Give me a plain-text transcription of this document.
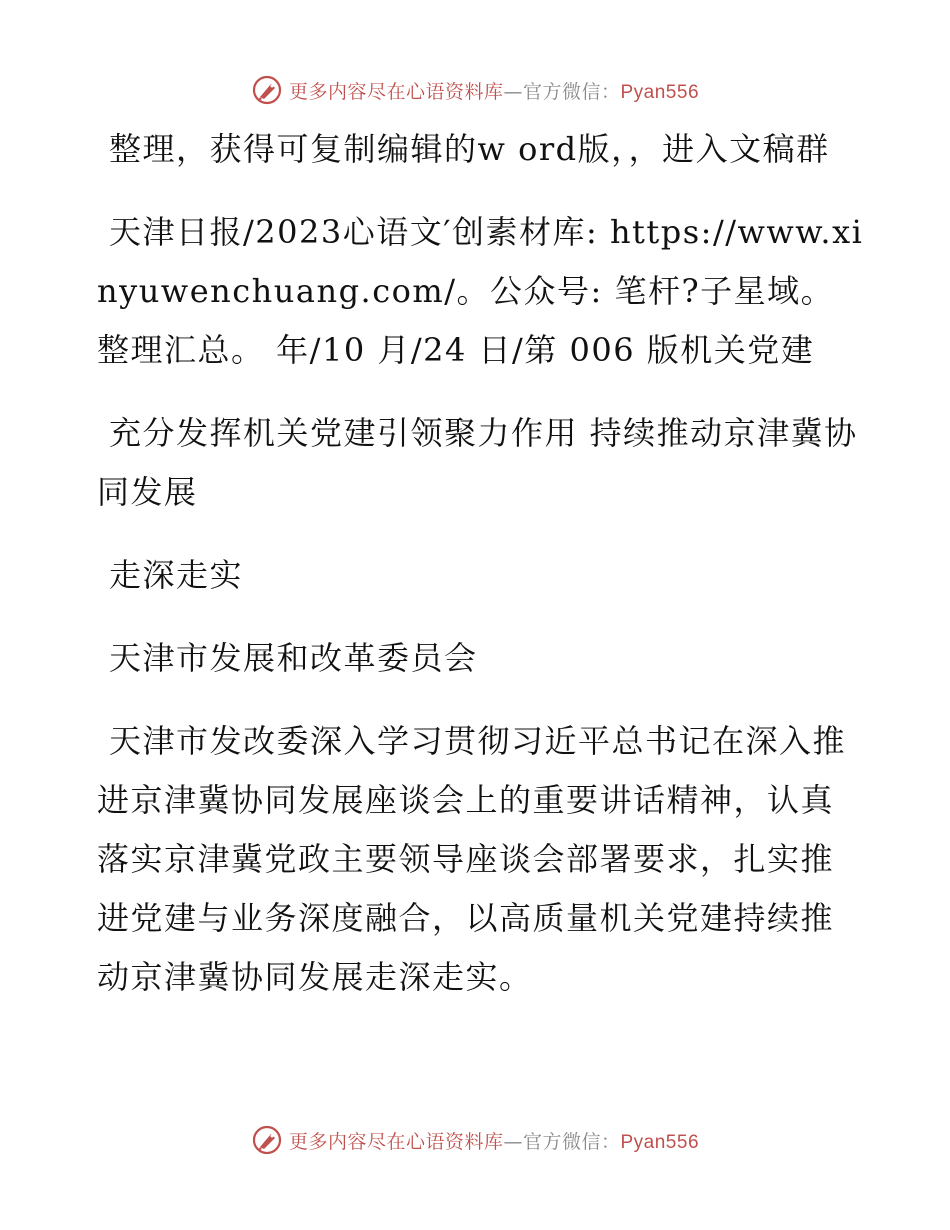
更多内容尽在心语资料库—官方微信：Pyan556

整理，获得可复制编辑的w ord版，，进入文稿群

天津日报/2023心语文′创素材库: https://www.xinyuwenchuang.com/。公众号: 笔杆?子星域。整理汇总。 年/10 月/24 日/第 006 版机关党建

充分发挥机关党建引领聚力作用 持续推动京津冀协同发展

走深走实

天津市发展和改革委员会

天津市发改委深入学习贯彻习近平总书记在深入推进京津冀协同发展座谈会上的重要讲话精神，认真落实京津冀党政主要领导座谈会部署要求，扎实推进党建与业务深度融合，以高质量机关党建持续推动京津冀协同发展走深走实。

更多内容尽在心语资料库—官方微信：Pyan556
